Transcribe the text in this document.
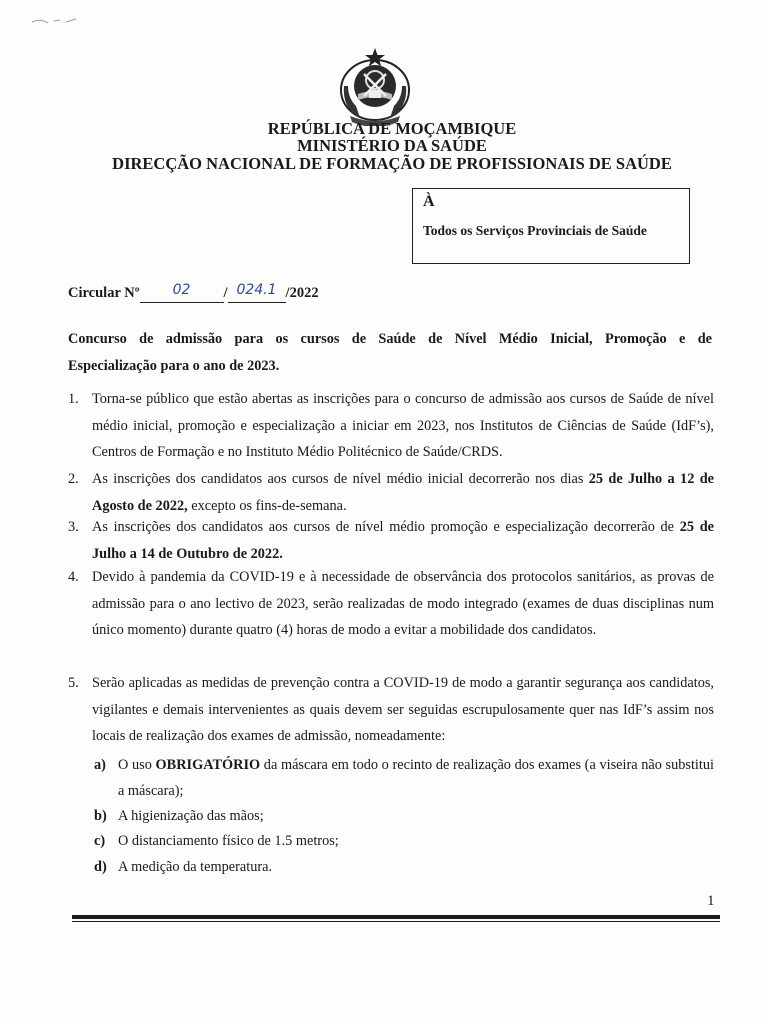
REPÚBLICA DE MOÇAMBIQUE
MINISTÉRIO DA SAÚDE
DIRECÇÃO NACIONAL DE FORMAÇÃO DE PROFISSIONAIS DE SAÚDE
À
Todos os Serviços Provinciais de Saúde
Circular Nº 02 / 024.1 /2022
Concurso de admissão para os cursos de Saúde de Nível Médio Inicial, Promoção e de
Especialização para o ano de 2023.
1. Torna-se público que estão abertas as inscrições para o concurso de admissão aos cursos de Saúde de nível médio inicial, promoção e especialização a iniciar em 2023, nos Institutos de Ciências de Saúde (IdF’s), Centros de Formação e no Instituto Médio Politécnico de Saúde/CRDS.
2. As inscrições dos candidatos aos cursos de nível médio inicial decorrerão nos dias 25 de Julho a 12 de Agosto de 2022, excepto os fins-de-semana.
3. As inscrições dos candidatos aos cursos de nível médio promoção e especialização decorrerão de 25 de Julho a 14 de Outubro de 2022.
4. Devido à pandemia da COVID-19 e à necessidade de observância dos protocolos sanitários, as provas de admissão para o ano lectivo de 2023, serão realizadas de modo integrado (exames de duas disciplinas num único momento) durante quatro (4) horas de modo a evitar a mobilidade dos candidatos.
5. Serão aplicadas as medidas de prevenção contra a COVID-19 de modo a garantir segurança aos candidatos, vigilantes e demais intervenientes as quais devem ser seguidas escrupulosamente quer nas IdF’s assim nos locais de realização dos exames de admissão, nomeadamente:
a) O uso OBRIGATÓRIO da máscara em todo o recinto de realização dos exames (a viseira não substitui a máscara);
b) A higienização das mãos;
c) O distanciamento físico de 1.5 metros;
d) A medição da temperatura.
1
